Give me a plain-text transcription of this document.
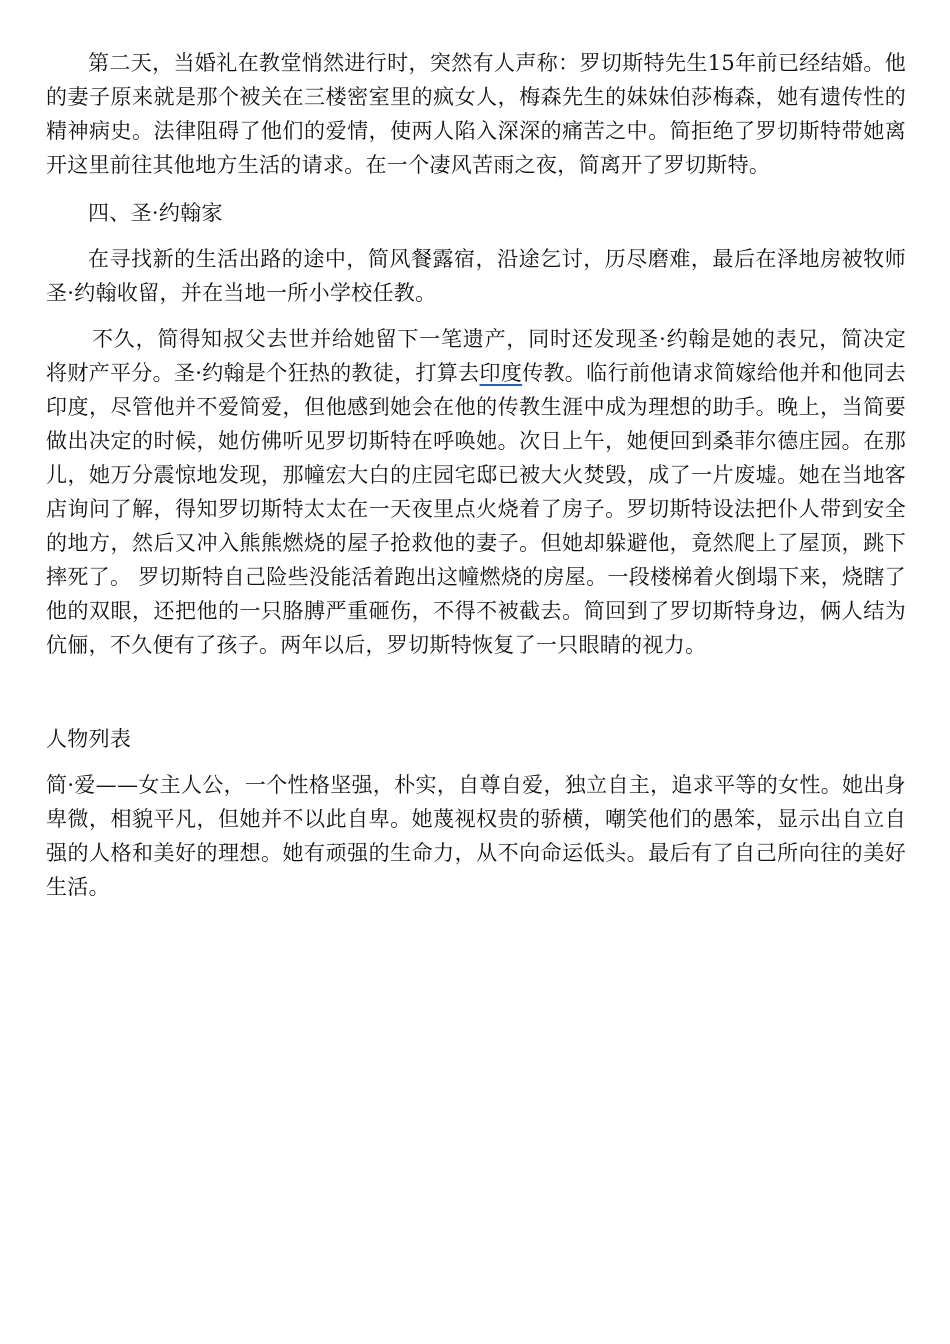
第二天，当婚礼在教堂悄然进行时，突然有人声称：罗切斯特先生15年前已经结婚。他的妻子原来就是那个被关在三楼密室里的疯女人，梅森先生的妹妹伯莎梅森，她有遗传性的精神病史。法律阻碍了他们的爱情，使两人陷入深深的痛苦之中。简拒绝了罗切斯特带她离开这里前往其他地方生活的请求。在一个凄风苦雨之夜，简离开了罗切斯特。

四、圣·约翰家

在寻找新的生活出路的途中，简风餐露宿，沿途乞讨，历尽磨难，最后在泽地房被牧师圣·约翰收留，并在当地一所小学校任教。

不久，简得知叔父去世并给她留下一笔遗产，同时还发现圣·约翰是她的表兄，简决定将财产平分。圣·约翰是个狂热的教徒，打算去印度传教。临行前他请求简嫁给他并和他同去印度，尽管他并不爱简爱，但他感到她会在他的传教生涯中成为理想的助手。晚上，当简要做出决定的时候，她仿佛听见罗切斯特在呼唤她。次日上午，她便回到桑菲尔德庄园。在那儿，她万分震惊地发现，那幢宏大白的庄园宅邸已被大火焚毁，成了一片废墟。她在当地客店询问了解，得知罗切斯特太太在一天夜里点火烧着了房子。罗切斯特设法把仆人带到安全的地方，然后又冲入熊熊燃烧的屋子抢救他的妻子。但她却躲避他，竟然爬上了屋顶，跳下摔死了。 罗切斯特自己险些没能活着跑出这幢燃烧的房屋。一段楼梯着火倒塌下来，烧瞎了他的双眼，还把他的一只胳膊严重砸伤，不得不被截去。简回到了罗切斯特身边，俩人结为伉俪，不久便有了孩子。两年以后，罗切斯特恢复了一只眼睛的视力。

人物列表

简·爱——女主人公，一个性格坚强，朴实，自尊自爱，独立自主，追求平等的女性。她出身卑微，相貌平凡，但她并不以此自卑。她蔑视权贵的骄横，嘲笑他们的愚笨，显示出自立自强的人格和美好的理想。她有顽强的生命力，从不向命运低头。最后有了自己所向往的美好生活。
